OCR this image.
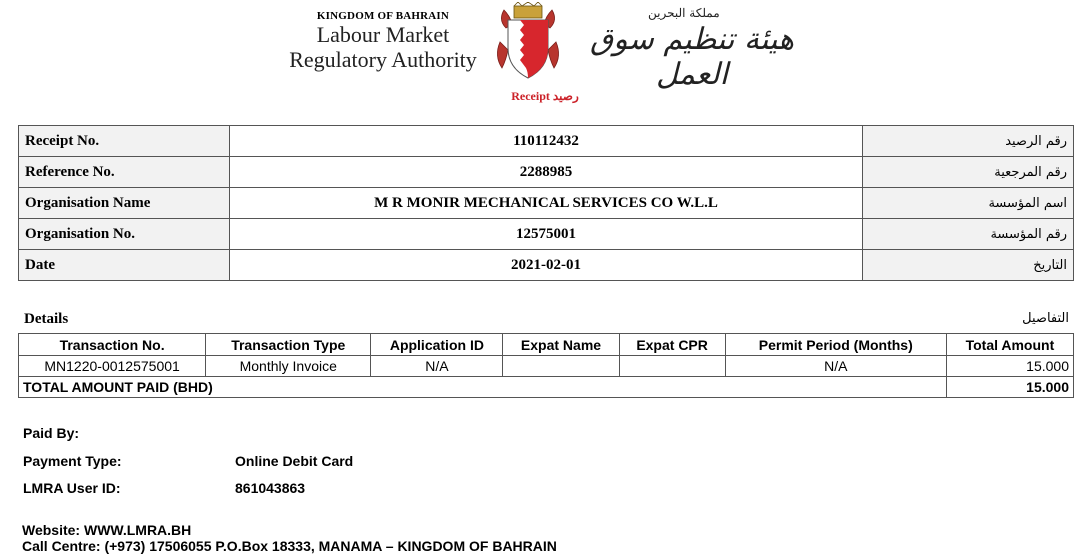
KINGDOM OF BAHRAIN
Labour Market
Regulatory Authority
مملكة البحرين
هيئة تنظيم سوق العمل
Receipt رصيد
Receipt No.	110112432	رقم الرصيد
Reference No.	2288985	رقم المرجعية
Organisation Name	M R MONIR MECHANICAL SERVICES CO W.L.L	اسم المؤسسة
Organisation No.	12575001	رقم المؤسسة
Date	2021-02-01	التاريخ
Details	التفاصيل
Transaction No.	Transaction Type	Application ID	Expat Name	Expat CPR	Permit Period (Months)	Total Amount
MN1220-0012575001	Monthly Invoice	N/A			N/A	15.000
TOTAL AMOUNT PAID (BHD)						15.000
Paid By:
Payment Type:	Online Debit Card
LMRA User ID:	861043863
Website: WWW.LMRA.BH
Call Centre: (+973) 17506055 P.O.Box 18333, MANAMA – KINGDOM OF BAHRAIN
